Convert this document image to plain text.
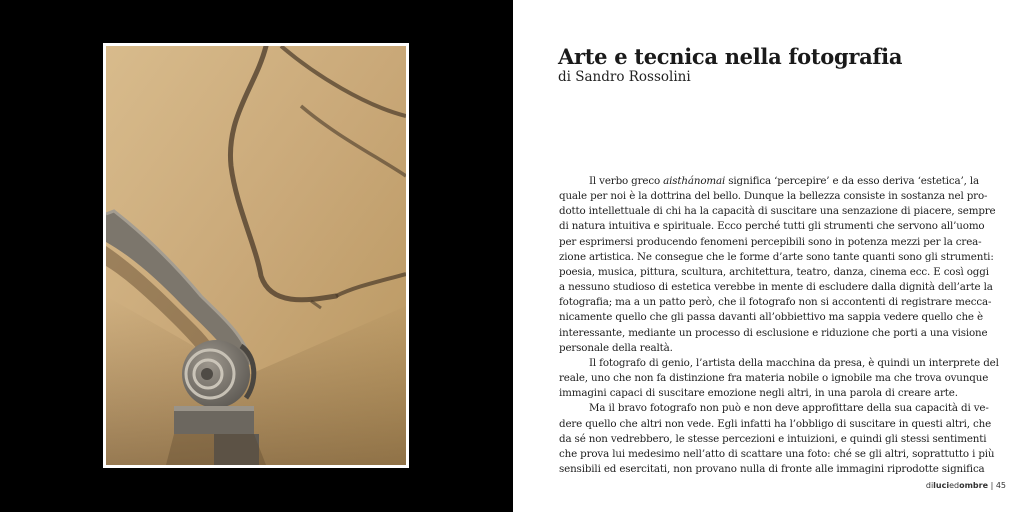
Arte e tecnica nella fotografia

di Sandro Rossolini

Il verbo greco aisthánomai significa ‘percepire’ e da esso deriva ‘estetica’, la
quale per noi è la dottrina del bello. Dunque la bellezza consiste in sostanza nel pro-
dotto intellettuale di chi ha la capacità di suscitare una senzazione di piacere, sempre
di natura intuitiva e spirituale. Ecco perché tutti gli strumenti che servono all’uomo
per esprimersi producendo fenomeni percepibili sono in potenza mezzi per la crea-
zione artistica. Ne consegue che le forme d’arte sono tante quanti sono gli strumenti:
poesia, musica, pittura, scultura, architettura, teatro, danza, cinema ecc. E così oggi
a nessuno studioso di estetica verebbe in mente di escludere dalla dignità dell’arte la
fotografia; ma a un patto però, che il fotografo non si accontenti di registrare mecca-
nicamente quello che gli passa davanti all’obbiettivo ma sappia vedere quello che è
interessante, mediante un processo di esclusione e riduzione che porti a una visione
personale della realtà.
Il fotografo di genio, l’artista della macchina da presa, è quindi un interprete del
reale, uno che non fa distinzione fra materia nobile o ignobile ma che trova ovunque
immagini capaci di suscitare emozione negli altri, in una parola di creare arte.
Ma il bravo fotografo non può e non deve approfittare della sua capacità di ve-
dere quello che altri non vede. Egli infatti ha l’obbligo di suscitare in questi altri, che
da sé non vedrebbero, le stesse percezioni e intuizioni, e quindi gli stessi sentimenti
che prova lui medesimo nell’atto di scattare una foto: ché se gli altri, soprattutto i più
sensibili ed esercitati, non provano nulla di fronte alle immagini riprodotte significa
diluciedombre | 45
